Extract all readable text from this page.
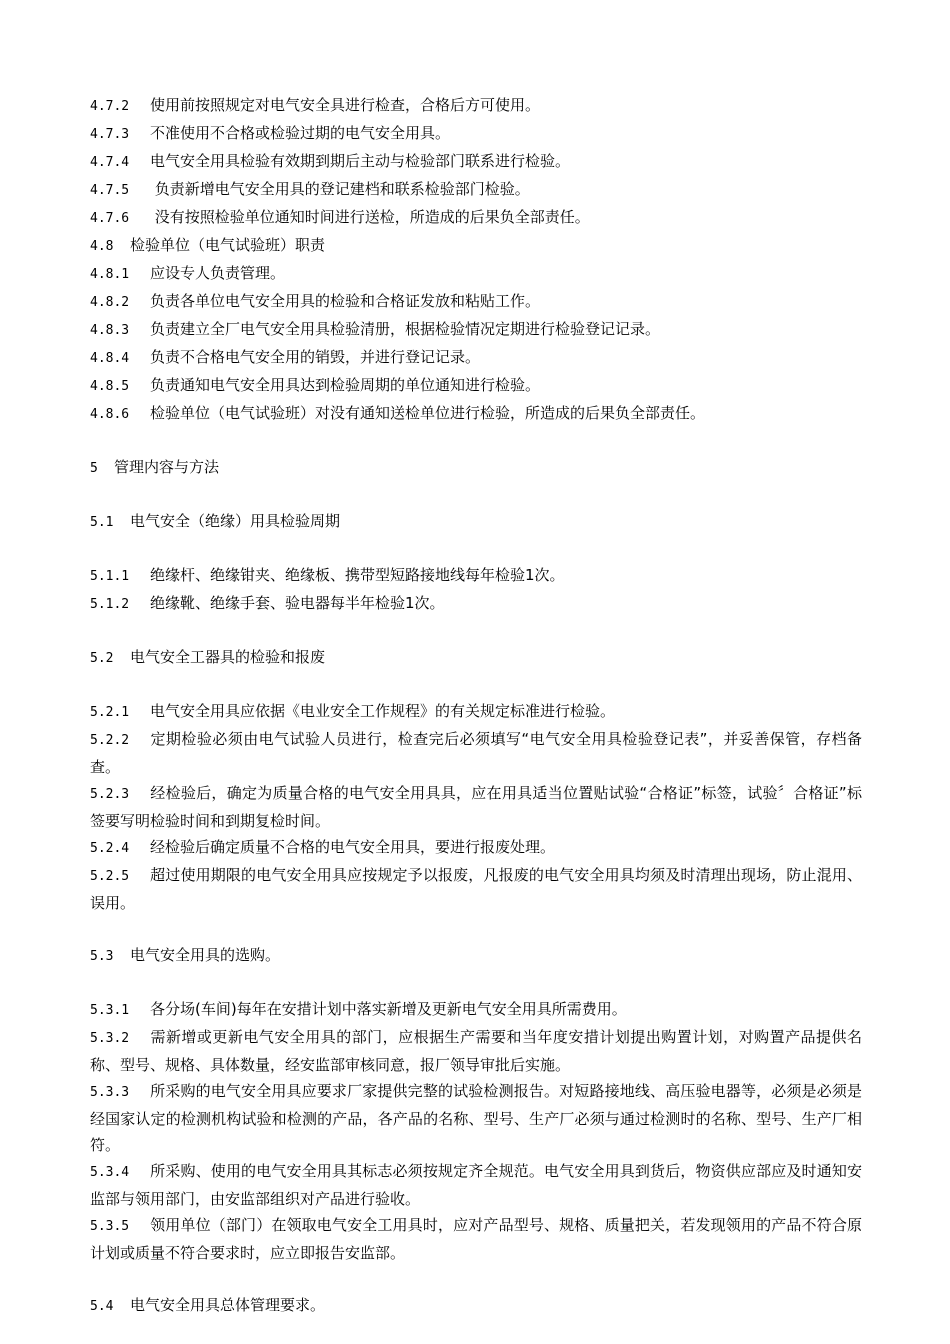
4.7.2 使用前按照规定对电气安全具进行检查，合格后方可使用。
4.7.3 不准使用不合格或检验过期的电气安全用具。
4.7.4 电气安全用具检验有效期到期后主动与检验部门联系进行检验。
4.7.5 负责新增电气安全用具的登记建档和联系检验部门检验。
4.7.6 没有按照检验单位通知时间进行送检，所造成的后果负全部责任。
4.8 检验单位（电气试验班）职责
4.8.1 应设专人负责管理。
4.8.2 负责各单位电气安全用具的检验和合格证发放和粘贴工作。
4.8.3 负责建立全厂电气安全用具检验清册，根据检验情况定期进行检验登记记录。
4.8.4 负责不合格电气安全用的销毁，并进行登记记录。
4.8.5 负责通知电气安全用具达到检验周期的单位通知进行检验。
4.8.6 检验单位（电气试验班）对没有通知送检单位进行检验，所造成的后果负全部责任。
5 管理内容与方法
5.1 电气安全（绝缘）用具检验周期
5.1.1 绝缘杆、绝缘钳夹、绝缘板、携带型短路接地线每年检验1次。
5.1.2 绝缘靴、绝缘手套、验电器每半年检验1次。
5.2 电气安全工器具的检验和报废
5.2.1 电气安全用具应依据《电业安全工作规程》的有关规定标准进行检验。
5.2.2 定期检验必须由电气试验人员进行，检查完后必须填写“电气安全用具检验登记表”，并妥善保管，存档备查。
5.2.3 经检验后，确定为质量合格的电气安全用具具，应在用具适当位置贴试验“合格证”标签，试验〞合格证”标签要写明检验时间和到期复检时间。
5.2.4 经检验后确定质量不合格的电气安全用具，要进行报废处理。
5.2.5 超过使用期限的电气安全用具应按规定予以报废，凡报废的电气安全用具均须及时清理出现场，防止混用、误用。
5.3 电气安全用具的选购。
5.3.1 各分场(车间)每年在安措计划中落实新增及更新电气安全用具所需费用。
5.3.2 需新增或更新电气安全用具的部门，应根据生产需要和当年度安措计划提出购置计划，对购置产品提供名称、型号、规格、具体数量，经安监部审核同意，报厂领导审批后实施。
5.3.3 所采购的电气安全用具应要求厂家提供完整的试验检测报告。对短路接地线、高压验电器等，必须是必须是经国家认定的检测机构试验和检测的产品，各产品的名称、型号、生产厂必须与通过检测时的名称、型号、生产厂相符。
5.3.4 所采购、使用的电气安全用具其标志必须按规定齐全规范。电气安全用具到货后，物资供应部应及时通知安监部与领用部门，由安监部组织对产品进行验收。
5.3.5 领用单位（部门）在领取电气安全工用具时，应对产品型号、规格、质量把关，若发现领用的产品不符合原计划或质量不符合要求时，应立即报告安监部。
5.4 电气安全用具总体管理要求。
